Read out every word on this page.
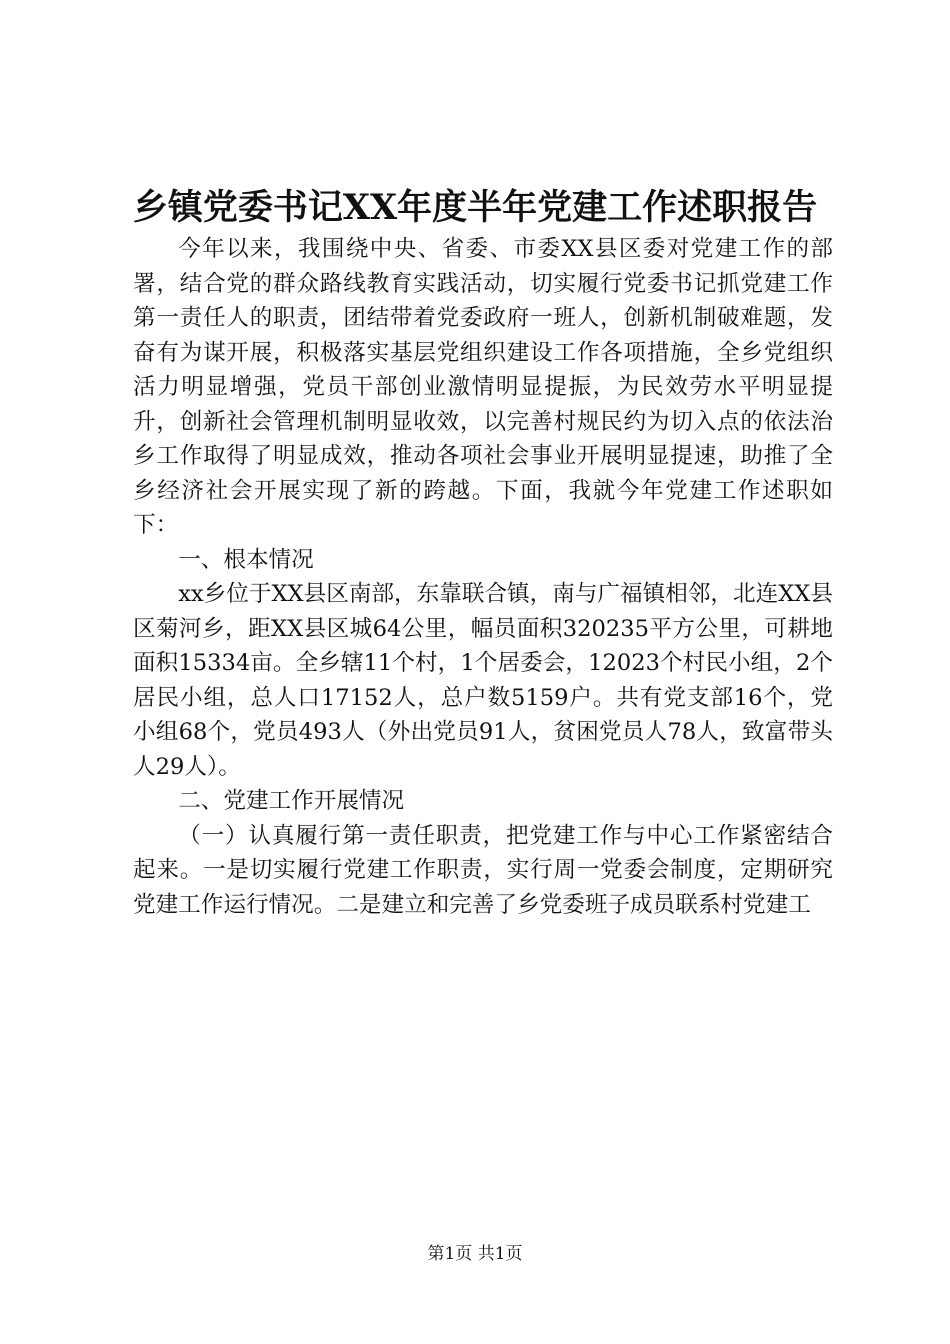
乡镇党委书记XX年度半年党建工作述职报告

今年以来，我围绕中央、省委、市委XX县区委对党建工作的部署，结合党的群众路线教育实践活动，切实履行党委书记抓党建工作第一责任人的职责，团结带着党委政府一班人，创新机制破难题，发奋有为谋开展，积极落实基层党组织建设工作各项措施，全乡党组织活力明显增强，党员干部创业激情明显提振，为民效劳水平明显提升，创新社会管理机制明显收效，以完善村规民约为切入点的依法治乡工作取得了明显成效，推动各项社会事业开展明显提速，助推了全乡经济社会开展实现了新的跨越。下面，我就今年党建工作述职如下：

一、根本情况

xx乡位于XX县区南部，东靠联合镇，南与广福镇相邻，北连XX县区菊河乡，距XX县区城64公里，幅员面积320235平方公里，可耕地面积15334亩。全乡辖11个村，1个居委会，12023个村民小组，2个居民小组，总人口17152人，总户数5159户。共有党支部16个，党小组68个，党员493人（外出党员91人，贫困党员人78人，致富带头人29人）。

二、党建工作开展情况

（一）认真履行第一责任职责，把党建工作与中心工作紧密结合起来。一是切实履行党建工作职责，实行周一党委会制度，定期研究党建工作运行情况。二是建立和完善了乡党委班子成员联系村党建工

第1页 共1页
